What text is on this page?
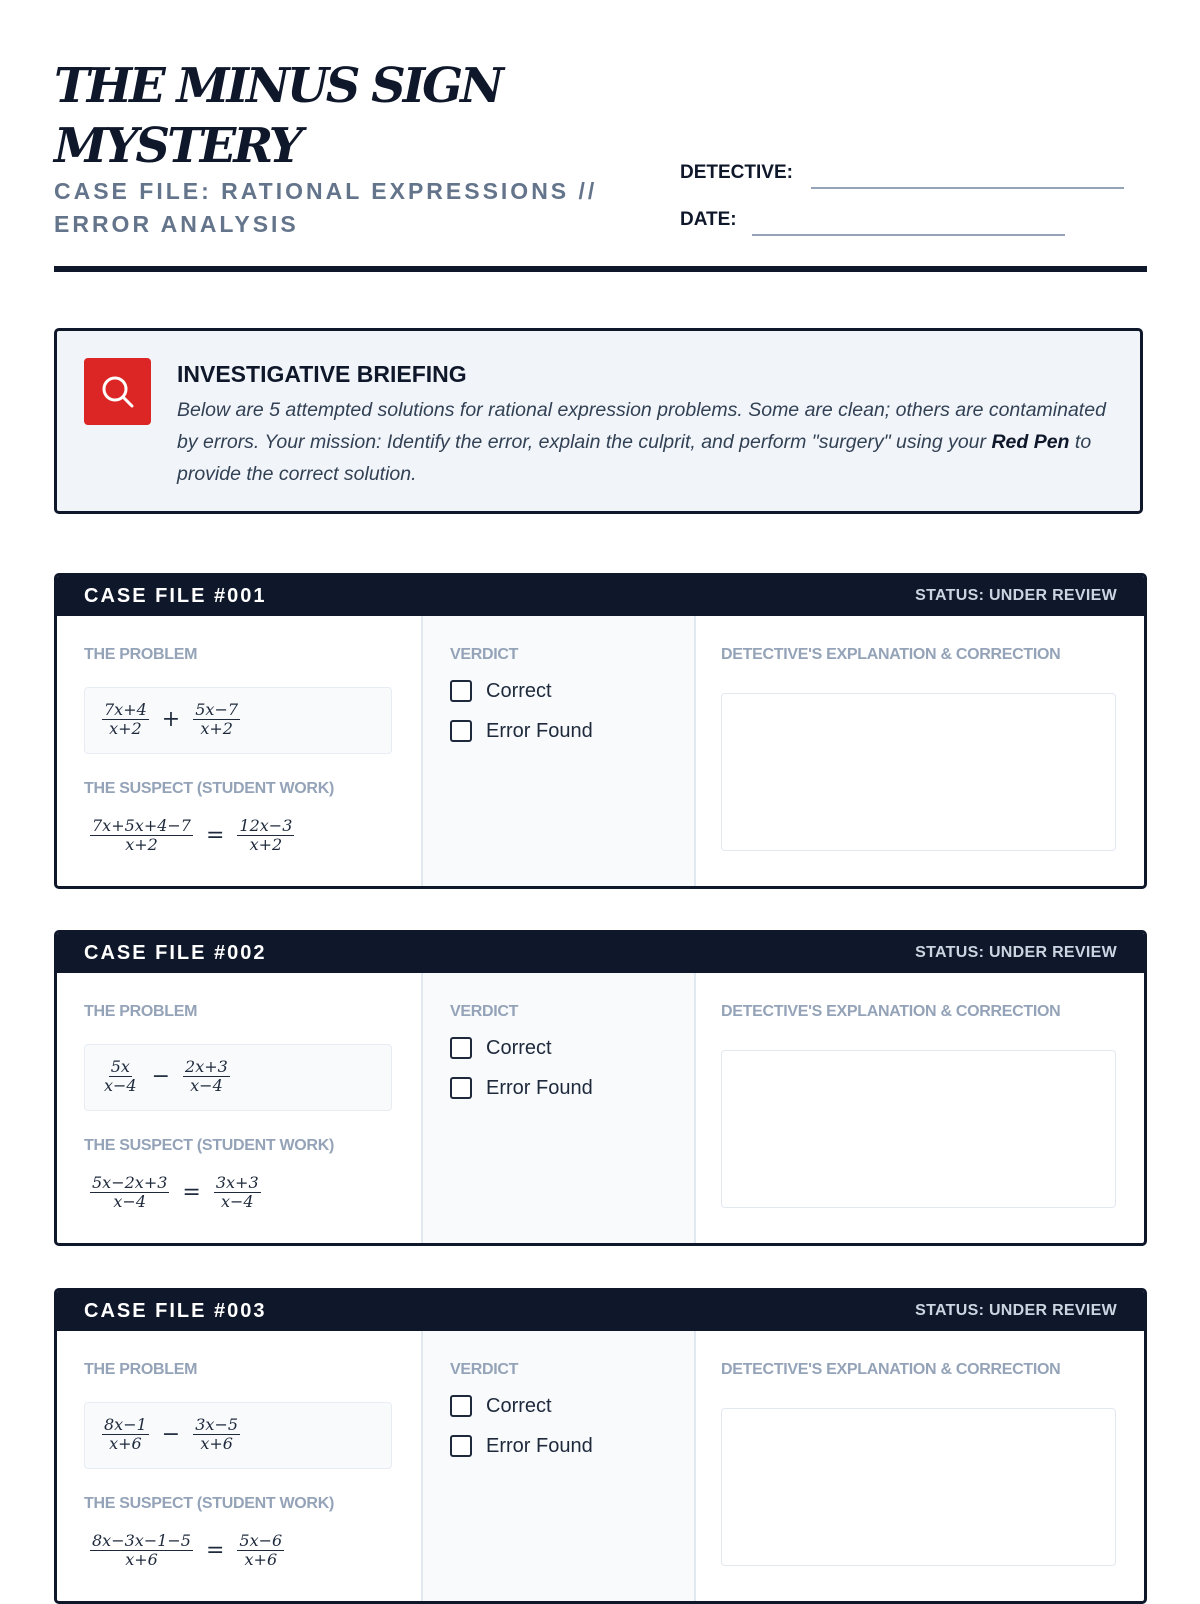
THE MINUS SIGN
MYSTERY
CASE FILE: RATIONAL EXPRESSIONS // ERROR ANALYSIS
DETECTIVE:
DATE:
INVESTIGATIVE BRIEFING
Below are 5 attempted solutions for rational expression problems. Some are clean; others are contaminated by errors. Your mission: Identify the error, explain the culprit, and perform "surgery" using your Red Pen to provide the correct solution.
CASE FILE #001	STATUS: UNDER REVIEW
THE PROBLEM
$\frac{7x+4}{x+2} + \frac{5x-7}{x+2}$
THE SUSPECT (STUDENT WORK)
$\frac{7x+5x+4-7}{x+2} = \frac{12x-3}{x+2}$
VERDICT
Correct
Error Found
DETECTIVE'S EXPLANATION & CORRECTION
CASE FILE #002	STATUS: UNDER REVIEW
THE PROBLEM
$\frac{5x}{x-4} - \frac{2x+3}{x-4}$
THE SUSPECT (STUDENT WORK)
$\frac{5x-2x+3}{x-4} = \frac{3x+3}{x-4}$
VERDICT
Correct
Error Found
DETECTIVE'S EXPLANATION & CORRECTION
CASE FILE #003	STATUS: UNDER REVIEW
THE PROBLEM
$\frac{8x-1}{x+6} - \frac{3x-5}{x+6}$
THE SUSPECT (STUDENT WORK)
$\frac{8x-3x-1-5}{x+6} = \frac{5x-6}{x+6}$
VERDICT
Correct
Error Found
DETECTIVE'S EXPLANATION & CORRECTION
